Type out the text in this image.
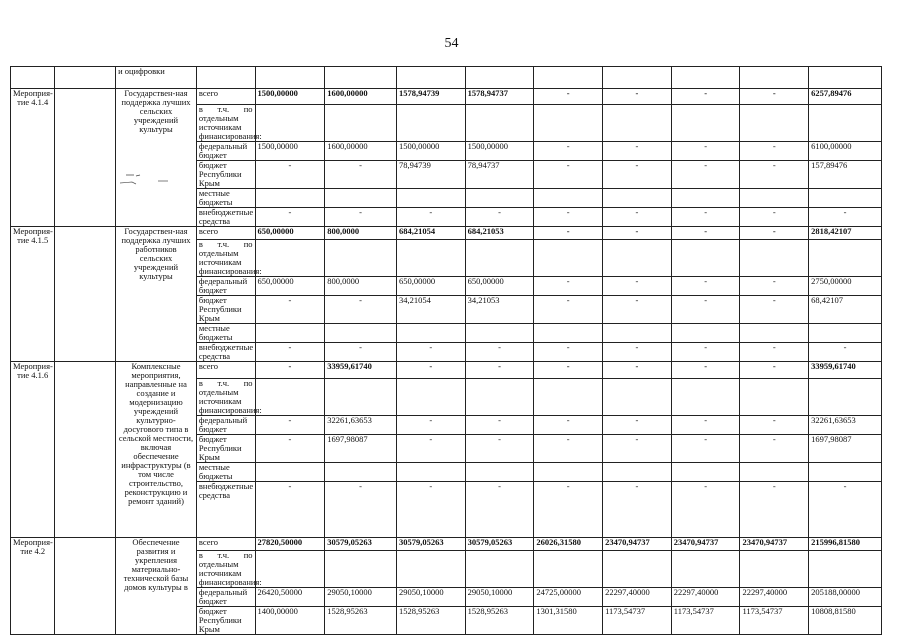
54
		и оцифровки										
Мероприя-тие 4.1.4		Государствен-ная поддержка лучших сельских учреждений культуры	всего	1500,00000	1600,00000	1578,94739	1578,94737	-	-	-	-	6257,89476

			в т.ч. по
отдельным источникам финансирования:									

			федеральный бюджет	1500,00000	1600,00000	1500,00000	1500,00000	-	-	-	-	6100,00000
			бюджет Республики Крым	-	-	78,94739	78,94737	-	-	-	-	157,89476
			местные бюджеты									
			внебюджетные средства	-	-	-	-	-	-	-	-	-
Мероприя-тие 4.1.5		Государствен-ная поддержка лучших работников сельских учреждений культуры	всего	650,00000	800,0000	684,21054	684,21053	-	-	-	-	2818,42107

			в т.ч. по
отдельным источникам финансирования:									

			федеральный бюджет	650,00000	800,0000	650,00000	650,00000	-	-	-	-	2750,00000
			бюджет Республики Крым	-	-	34,21054	34,21053	-	-	-	-	68,42107
			местные бюджеты									
			внебюджетные средства	-	-	-	-	-	-	-	-	-
Мероприя-тие 4.1.6		Комплексные мероприятия, направленные на создание и модернизацию учреждений культурно-досугового типа в сельской местности, включая обеспечение инфраструктуры (в том числе строительство, реконструкцию и ремонт зданий)	всего	-	33959,61740	-	-	-	-	-	-	33959,61740

			в т.ч. по
отдельным источникам финансирования:									

			федеральный бюджет	-	32261,63653	-	-	-	-	-	-	32261,63653
			бюджет Республики Крым	-	1697,98087	-	-	-	-	-	-	1697,98087
			местные бюджеты									
			внебюджетные средства	-	-	-	-	-	-	-	-	-
Мероприя-тие 4.2		Обеспечение развития и укрепления материально-технической базы домов культуры в	всего	27820,50000	30579,05263	30579,05263	30579,05263	26026,31580	23470,94737	23470,94737	23470,94737	215996,81580

			в т.ч. по
отдельным источникам финансирования:									

			федеральный бюджет	26420,50000	29050,10000	29050,10000	29050,10000	24725,00000	22297,40000	22297,40000	22297,40000	205188,00000
			бюджет Республики Крым	1400,00000	1528,95263	1528,95263	1528,95263	1301,31580	1173,54737	1173,54737	1173,54737	10808,81580
